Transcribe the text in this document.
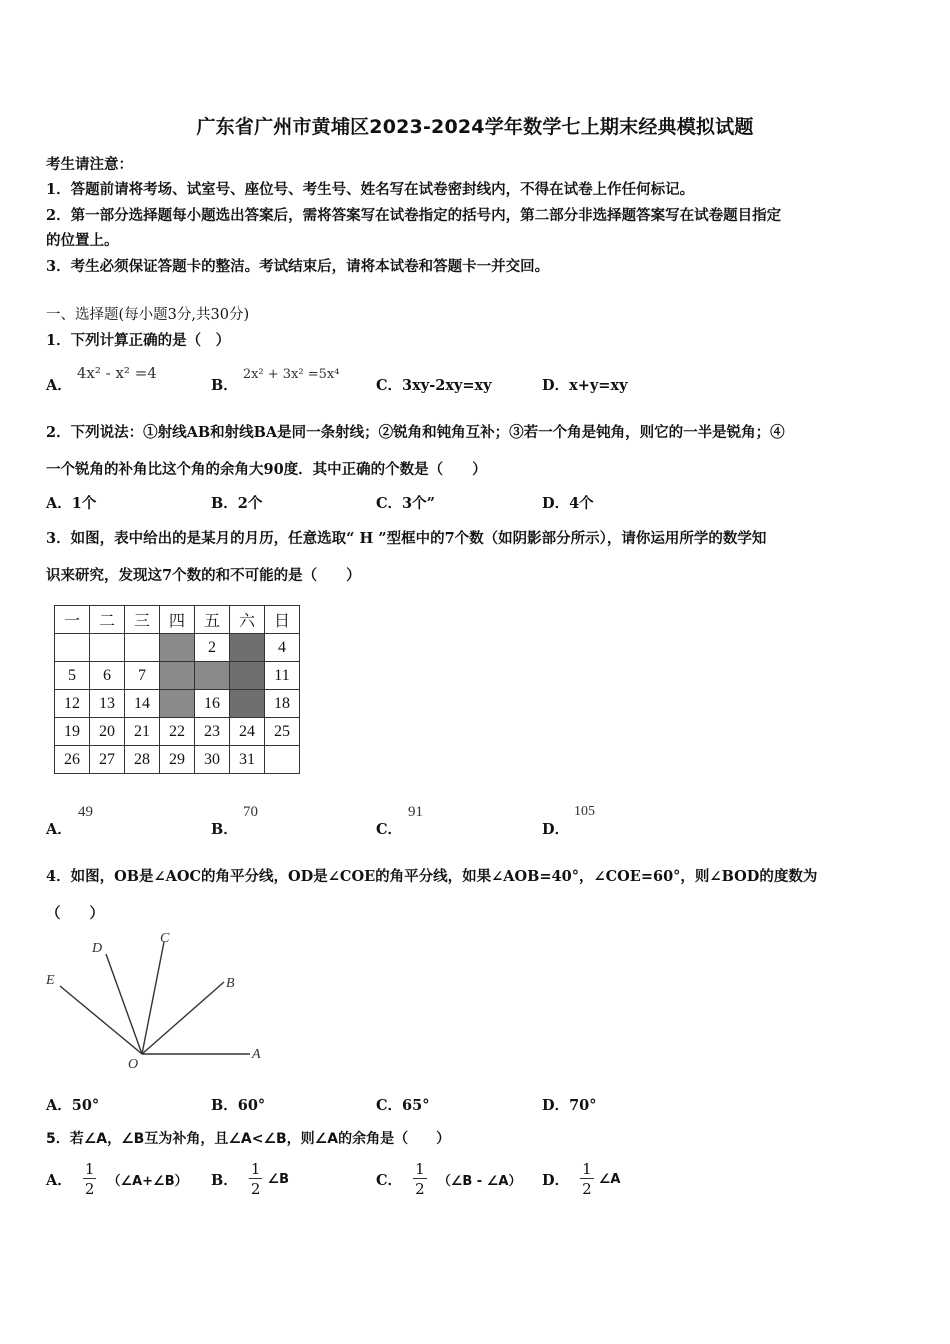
广东省广州市黄埔区2023-2024学年数学七上期末经典模拟试题
考生请注意：
1．答题前请将考场、试室号、座位号、考生号、姓名写在试卷密封线内，不得在试卷上作任何标记。
2．第一部分选择题每小题选出答案后，需将答案写在试卷指定的括号内，第二部分非选择题答案写在试卷题目指定
的位置上。
3．考生必须保证答题卡的整洁。考试结束后，请将本试卷和答题卡一并交回。
一、选择题(每小题3分,共30分)
1．下列计算正确的是（　）
A． 4x² - x² =4
B． 2x² + 3x² =5x⁴
C．3xy-2xy=xy	D．x+y=xy
2．下列说法：①射线AB和射线BA是同一条射线；②锐角和钝角互补；③若一个角是钝角，则它的一半是锐角；④
一个锐角的补角比这个角的余角大90度．其中正确的个数是（　　）
A．1个	B．2个	C．3个”	D．4个
3．如图，表中给出的是某月的月历，任意选取“ H ”型框中的7个数（如阴影部分所示），请你运用所学的数学知
识来研究，发现这7个数的和不可能的是（　　）
一	二	三	四	五	六	日
				2		4
5	6	7				11
12	13	14		16		18
19	20	21	22	23	24	25
26	27	28	29	30	31	
A．
49
B．
70
C．
91
D．
105
4．如图，OB是∠AOC的角平分线，OD是∠COE的角平分线，如果∠AOB=40°，∠COE=60°，则∠BOD的度数为
（　　）
A
B
C
D
E
O
A．50°	B．60°	C．65°	D．70°
5．若∠A，∠B互为补角，且∠A<∠B，则∠A的余角是（　　）
A． $\frac{1}{2}$ （∠A+∠B） B． $\frac{1}{2}$ ∠B	C． $\frac{1}{2}$ （∠B - ∠A） D． $\frac{1}{2}$ ∠A
